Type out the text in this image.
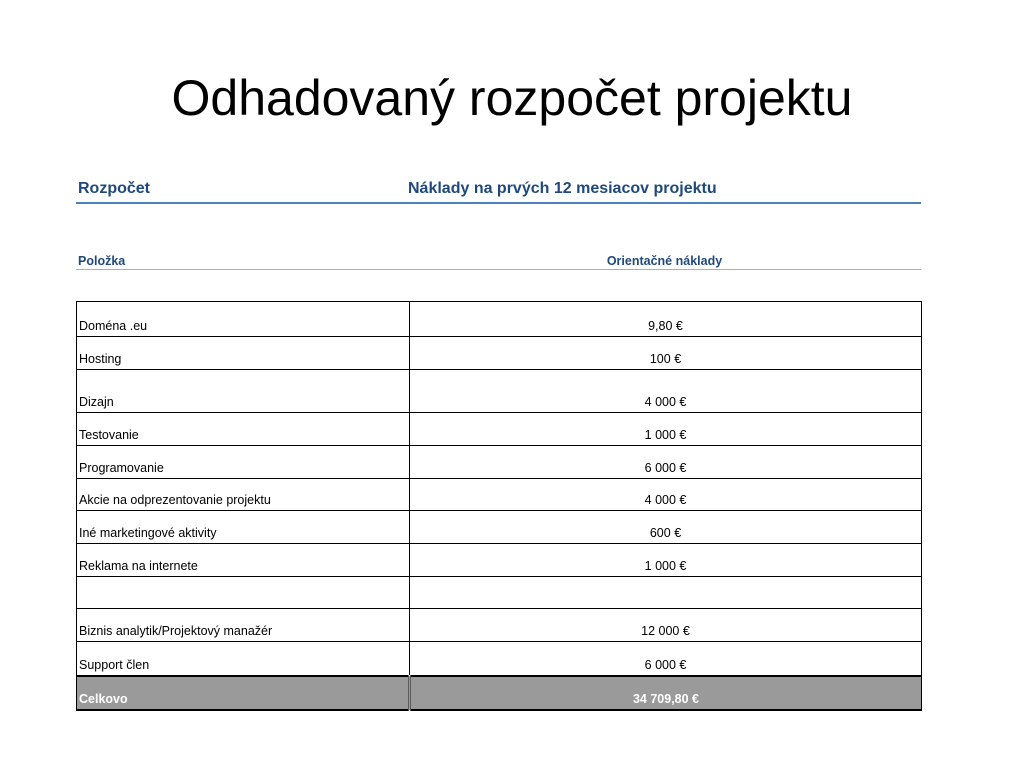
Odhadovaný rozpočet projektu
Rozpočet	Náklady na prvých 12 mesiacov projektu
Položka	Orientačné náklady
Doména .eu	9,80 €
Hosting	100 €
Dizajn	4 000 €
Testovanie	1 000 €
Programovanie	6 000 €
Akcie na odprezentovanie projektu	4 000 €
Iné marketingové aktivity	600 €
Reklama na internete	1 000 €

Biznis analytik/Projektový manažér	12 000 €
Support člen	6 000 €
Celkovo	34 709,80 €
